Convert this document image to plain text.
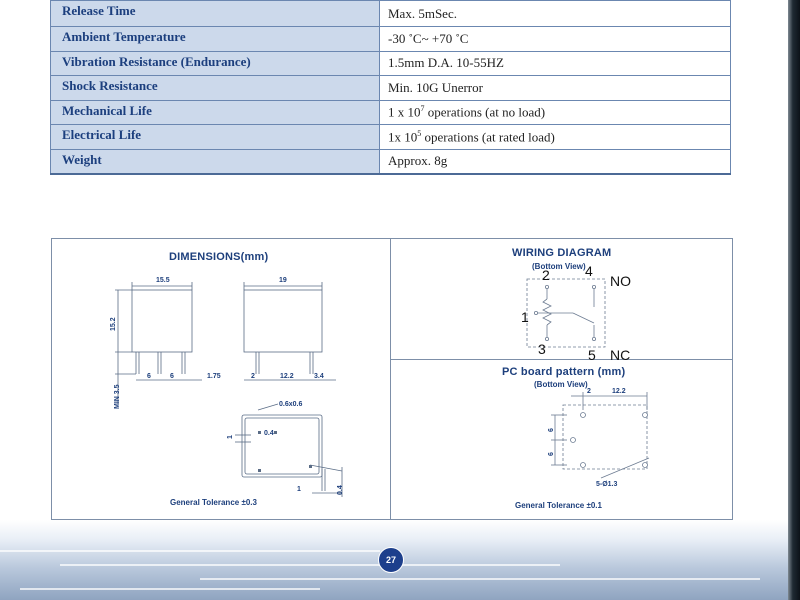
Release Time	Max. 5mSec.
Ambient Temperature	-30 ˚C~ +70 ˚C
Vibration Resistance (Endurance)	1.5mm D.A. 10-55HZ
Shock Resistance	Min. 10G Unerror
Mechanical Life	1 x $10^7$ operations (at no load)
Electrical Life	1x $10^5$ operations (at rated load)
Weight	Approx. 8g
DIMENSIONS(mm)
15.5	19
15.2
MIN 3.5
6	6	1.75	2	12.2	3.4
0.6x0.6
0.4
1
1	0.4
General Tolerance ±0.3
WIRING DIAGRAM
(Bottom View)
2	4
NO
1
3	5 NC
PC board pattern (mm)
(Bottom View)
2	12.2
6
6
5-Ø1.3
General Tolerance ±0.1
27
